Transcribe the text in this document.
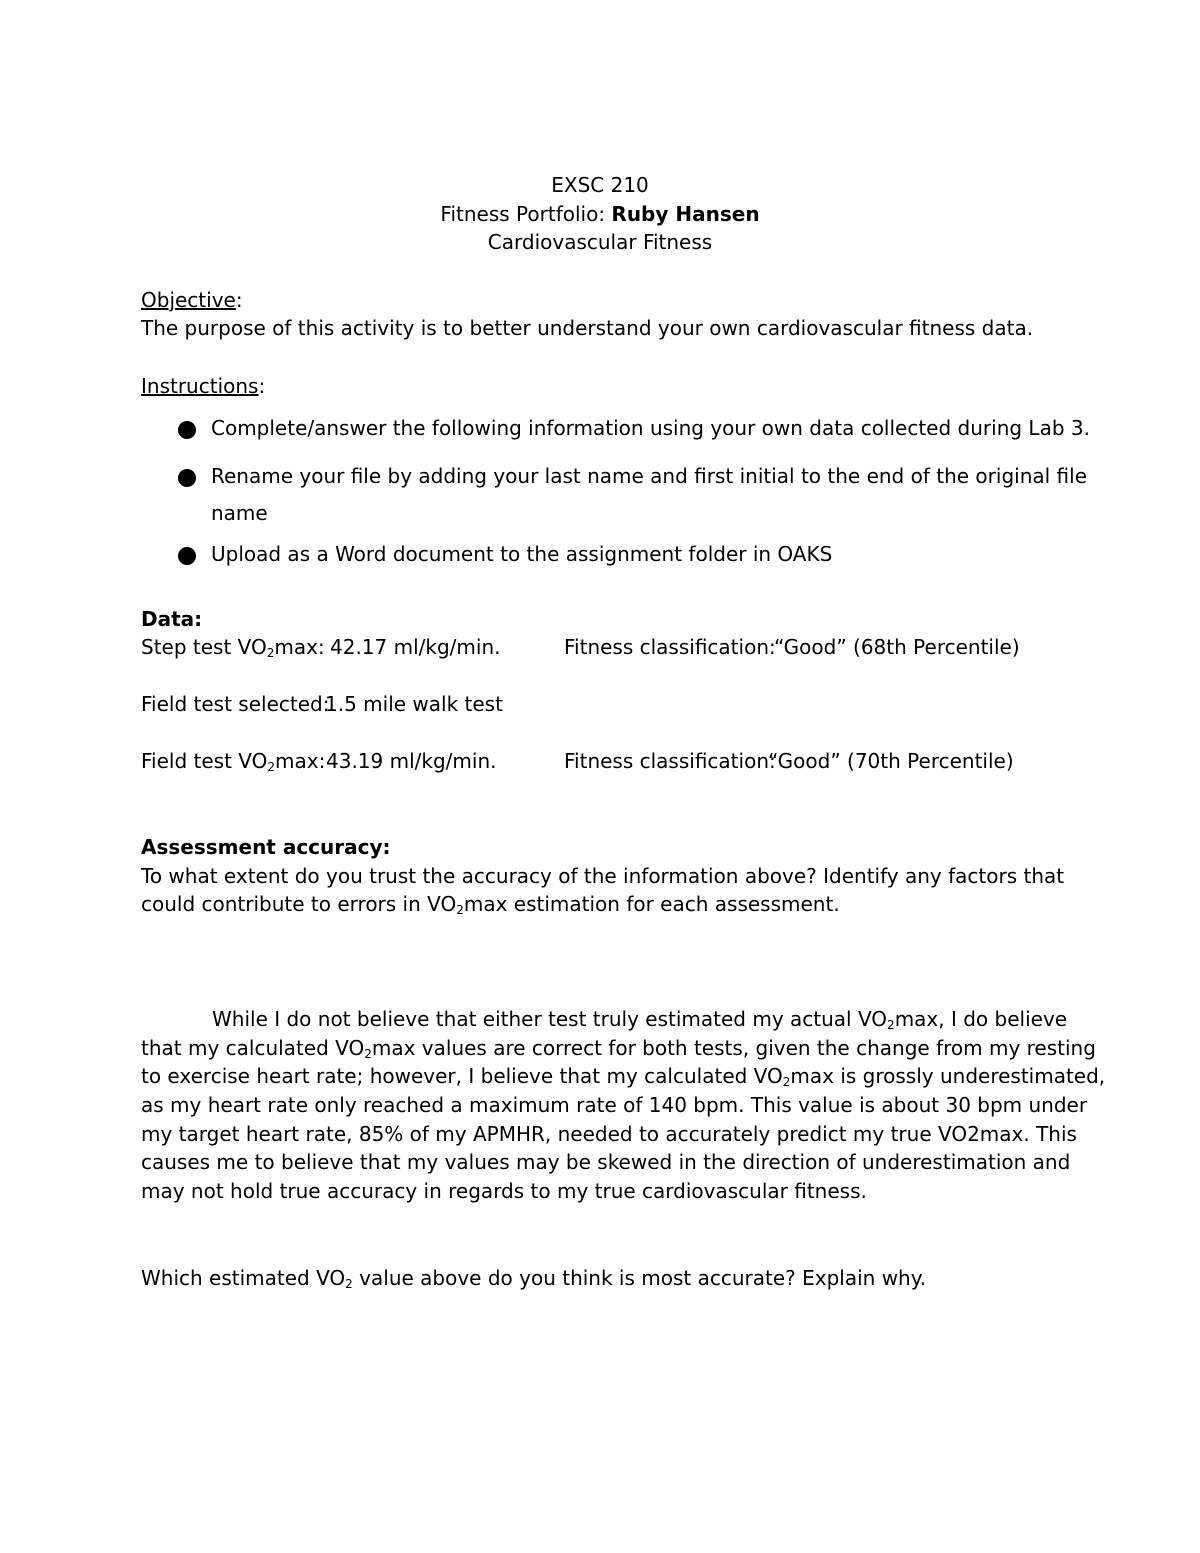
EXSC 210
Fitness Portfolio: Ruby Hansen
Cardiovascular Fitness
Objective:
The purpose of this activity is to better understand your own cardiovascular fitness data.
Instructions:
Complete/answer the following information using your own data collected during Lab 3.
Rename your file by adding your last name and first initial to the end of the original file
name
Upload as a Word document to the assignment folder in OAKS
Data:
Step test $VO_2\max$: 42.17 ml/kg/min.	Fitness classification:
“Good” (68th Percentile)
Field test selected:
1.5 mile walk test
Field test $VO_2\max$: 43.19 ml/kg/min.	Fitness classification:
“Good” (70th Percentile)
Assessment accuracy:
To what extent do you trust the accuracy of the information above? Identify any factors that
could contribute to errors in $VO_2\max$ estimation for each assessment.
While I do not believe that either test truly estimated my actual $VO_2\max$, I do believe
that my calculated $VO_2\max$ values are correct for both tests, given the change from my resting
to exercise heart rate; however, I believe that my calculated $VO_2\max$ is grossly underestimated,
as my heart rate only reached a maximum rate of 140 bpm. This value is about 30 bpm under
my target heart rate, 85% of my APMHR, needed to accurately predict my true VO2max. This
causes me to believe that my values may be skewed in the direction of underestimation and
may not hold true accuracy in regards to my true cardiovascular fitness.
Which estimated $VO_2$ value above do you think is most accurate? Explain why.
